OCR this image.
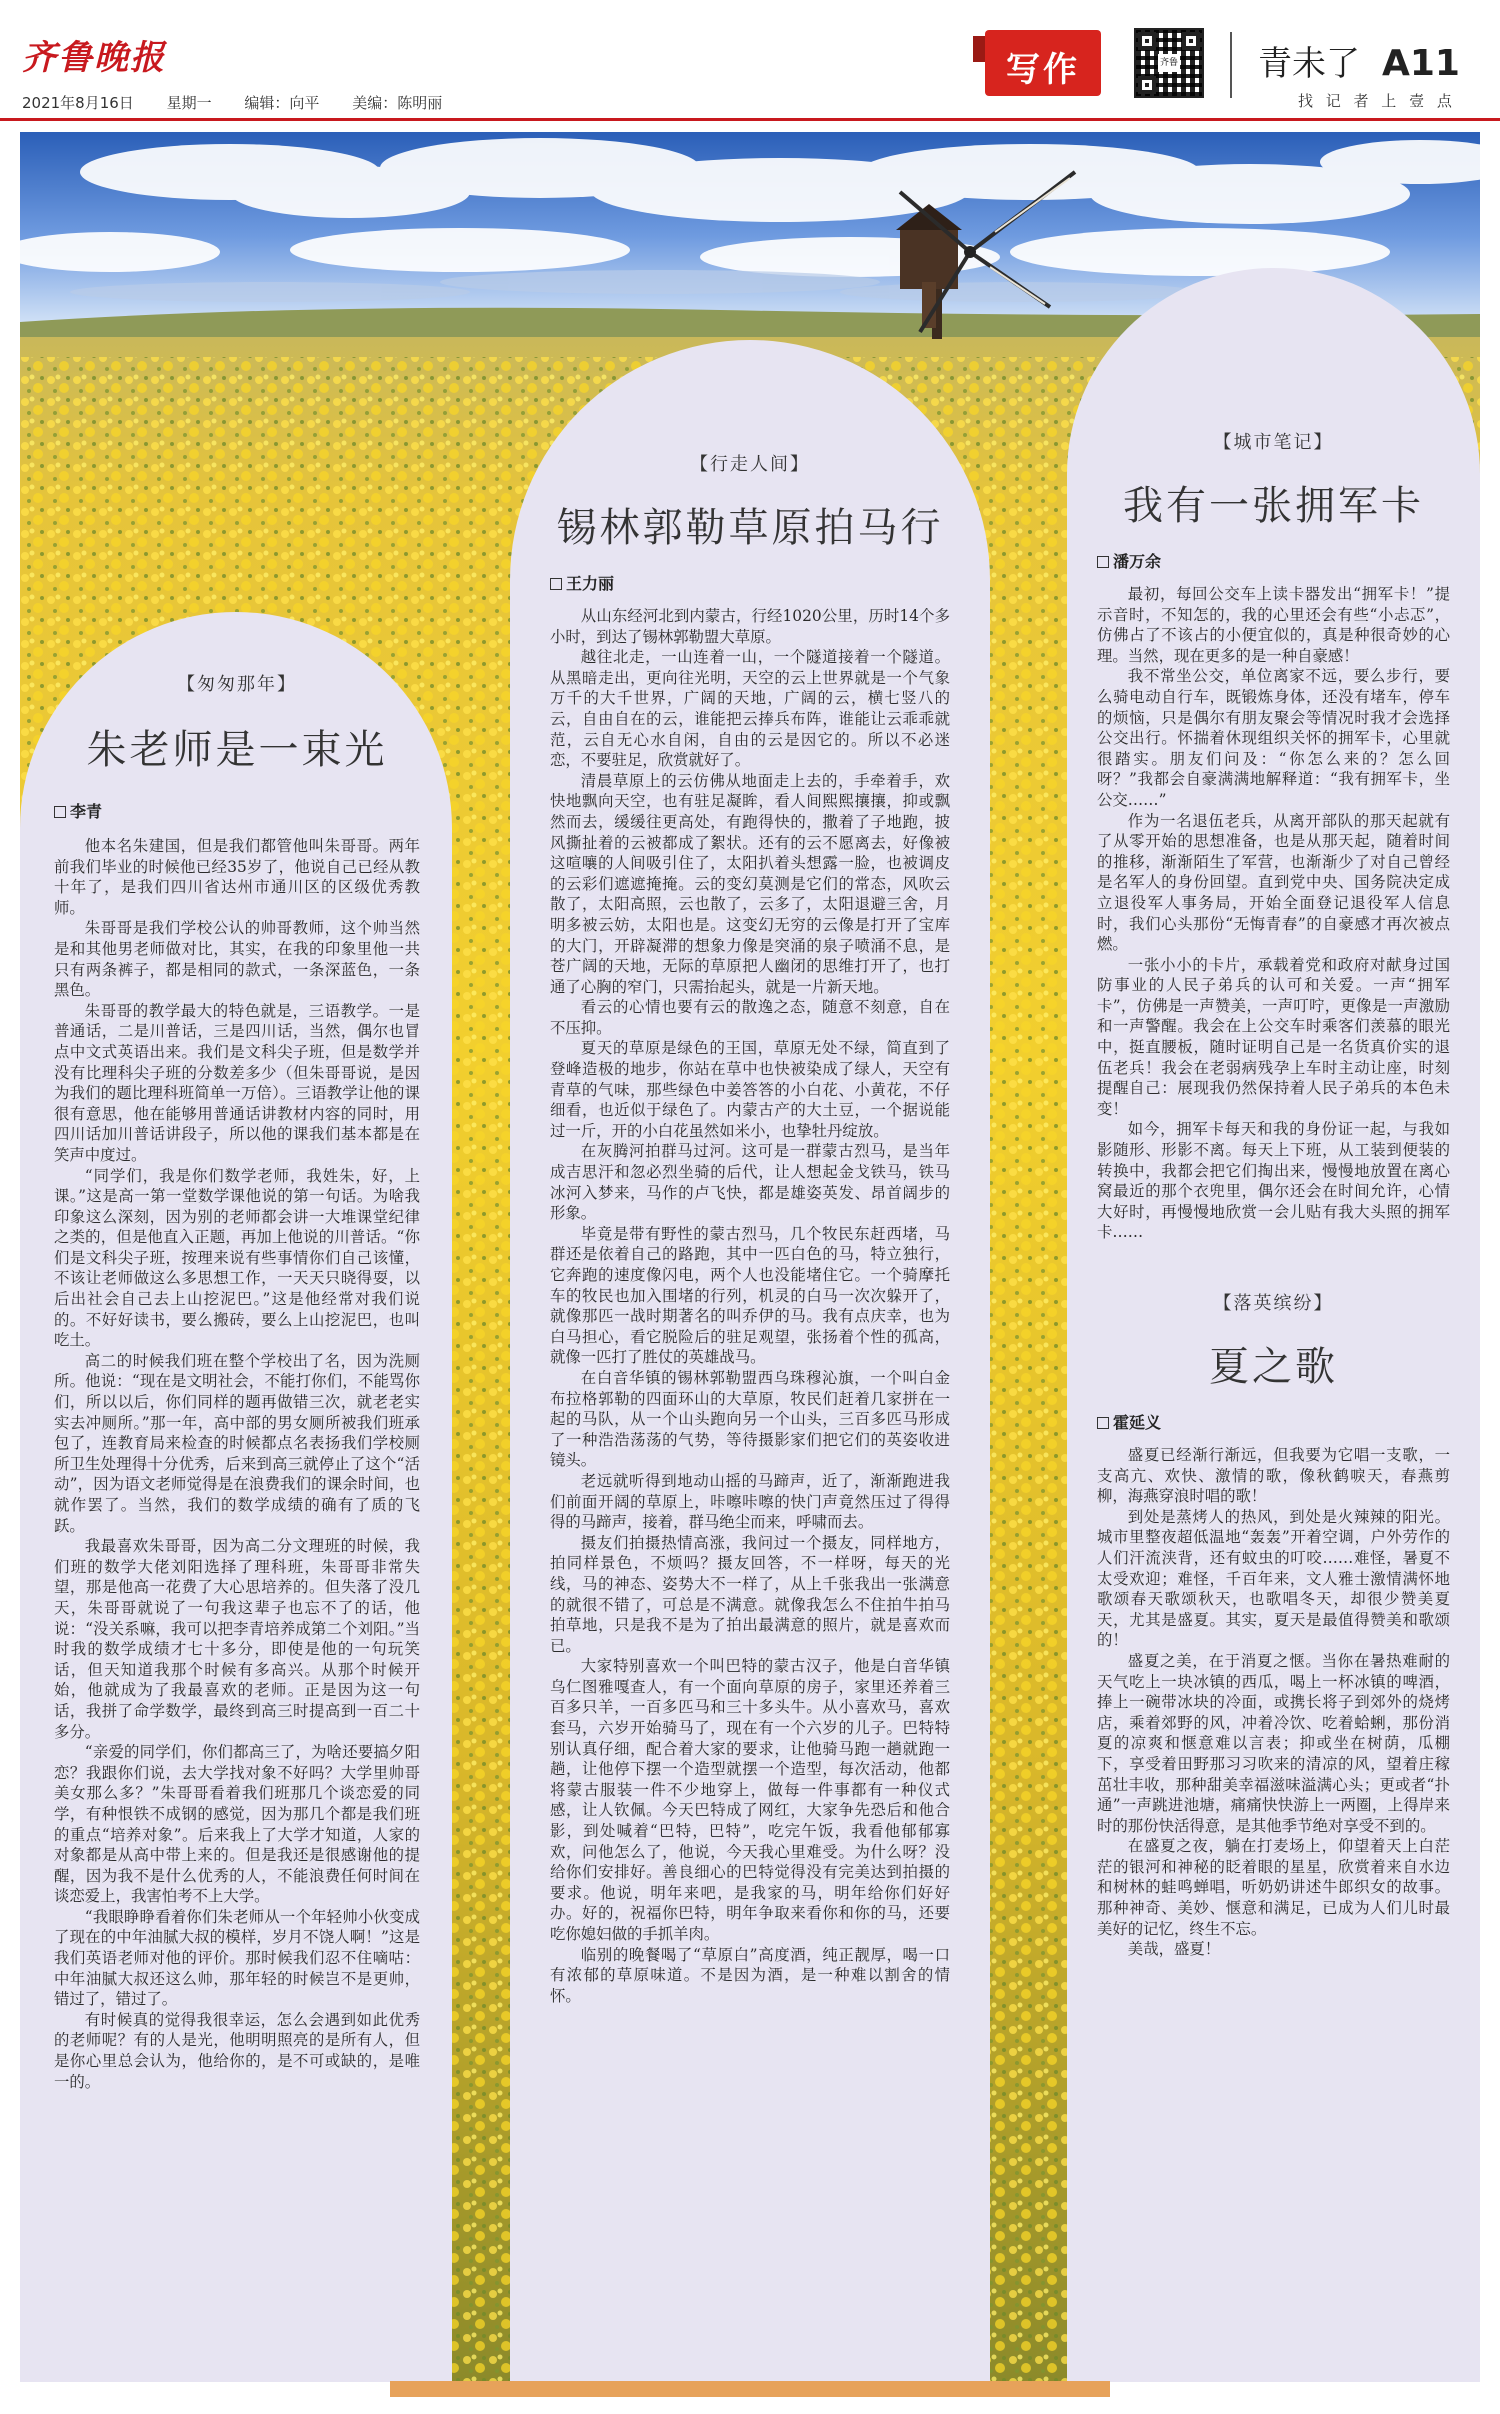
齐鲁晚报
2021年8月16日 星期一 编辑：向平 美编：陈明丽
写作	齐鲁 青未了 A11
找 记 者 上 壹 点
【匆匆那年】
朱老师是一束光
李青

他本名朱建国，但是我们都管他叫朱哥哥。两年前我们毕业的时候他已经35岁了，他说自己已经从教十年了，是我们四川省达州市通川区的区级优秀教师。

朱哥哥是我们学校公认的帅哥教师，这个帅当然是和其他男老师做对比，其实，在我的印象里他一共只有两条裤子，都是相同的款式，一条深蓝色，一条黑色。

朱哥哥的教学最大的特色就是，三语教学。一是普通话，二是川普话，三是四川话，当然，偶尔也冒点中文式英语出来。我们是文科尖子班，但是数学并没有比理科尖子班的分数差多少（但朱哥哥说，是因为我们的题比理科班简单一万倍）。三语教学让他的课很有意思，他在能够用普通话讲教材内容的同时，用四川话加川普话讲段子，所以他的课我们基本都是在笑声中度过。

“同学们，我是你们数学老师，我姓朱，好，上课。”这是高一第一堂数学课他说的第一句话。为啥我印象这么深刻，因为别的老师都会讲一大堆课堂纪律之类的，但是他直入正题，再加上他说的川普话。“你们是文科尖子班，按理来说有些事情你们自己该懂，不该让老师做这么多思想工作，一天天只晓得耍，以后出社会自己去上山挖泥巴。”这是他经常对我们说的。不好好读书，要么搬砖，要么上山挖泥巴，也叫吃土。

高二的时候我们班在整个学校出了名，因为洗厕所。他说：“现在是文明社会，不能打你们，不能骂你们，所以以后，你们同样的题再做错三次，就老老实实去冲厕所。”那一年，高中部的男女厕所被我们班承包了，连教育局来检查的时候都点名表扬我们学校厕所卫生处理得十分优秀，后来到高三就停止了这个“活动”，因为语文老师觉得是在浪费我们的课余时间，也就作罢了。当然，我们的数学成绩的确有了质的飞跃。

我最喜欢朱哥哥，因为高二分文理班的时候，我们班的数学大佬刘阳选择了理科班，朱哥哥非常失望，那是他高一花费了大心思培养的。但失落了没几天，朱哥哥就说了一句我这辈子也忘不了的话，他说：“没关系嘛，我可以把李青培养成第二个刘阳。”当时我的数学成绩才七十多分，即使是他的一句玩笑话，但天知道我那个时候有多高兴。从那个时候开始，他就成为了我最喜欢的老师。正是因为这一句话，我拼了命学数学，最终到高三时提高到一百二十多分。

“亲爱的同学们，你们都高三了，为啥还要搞夕阳恋？我跟你们说，去大学找对象不好吗？大学里帅哥美女那么多？”朱哥哥看着我们班那几个谈恋爱的同学，有种恨铁不成钢的感觉，因为那几个都是我们班的重点“培养对象”。后来我上了大学才知道，人家的对象都是从高中带上来的。但是我还是很感谢他的提醒，因为我不是什么优秀的人，不能浪费任何时间在谈恋爱上，我害怕考不上大学。

“我眼睁睁看着你们朱老师从一个年轻帅小伙变成了现在的中年油腻大叔的模样，岁月不饶人啊！”这是我们英语老师对他的评价。那时候我们忍不住嘀咕：中年油腻大叔还这么帅，那年轻的时候岂不是更帅，错过了，错过了。

有时候真的觉得我很幸运，怎么会遇到如此优秀的老师呢？有的人是光，他明明照亮的是所有人，但是你心里总会认为，他给你的，是不可或缺的，是唯一的。

【行走人间】
锡林郭勒草原拍马行
王力丽

从山东经河北到内蒙古，行经1020公里，历时14个多小时，到达了锡林郭勒盟大草原。

越往北走，一山连着一山，一个隧道接着一个隧道。从黑暗走出，更向往光明，天空的云上世界就是一个气象万千的大千世界，广阔的天地，广阔的云，横七竖八的云，自由自在的云，谁能把云捧兵布阵，谁能让云乖乖就范，云自无心水自闲，自由的云是因它的。所以不必迷恋，不要驻足，欣赏就好了。

清晨草原上的云仿佛从地面走上去的，手牵着手，欢快地飘向天空，也有驻足凝眸，看人间熙熙攘攘，抑或飘然而去，缓缓往更高处，有跑得快的，撒着了子地跑，披风撕扯着的云被都成了絮状。还有的云不愿离去，好像被这喧嚷的人间吸引住了，太阳扒着头想露一脸，也被调皮的云彩们遮遮掩掩。云的变幻莫测是它们的常态，风吹云散了，太阳高照，云也散了，云多了，太阳退避三舍，月明多被云妨，太阳也是。这变幻无穷的云像是打开了宝库的大门，开辟凝滞的想象力像是突涌的泉子喷涌不息，是苍广阔的天地，无际的草原把人幽闭的思维打开了，也打通了心胸的窄门，只需抬起头，就是一片新天地。

看云的心情也要有云的散逸之态，随意不刻意，自在不压抑。

夏天的草原是绿色的王国，草原无处不绿，简直到了登峰造极的地步，你站在草中也快被染成了绿人，天空有青草的气味，那些绿色中姜答答的小白花、小黄花，不仔细看，也近似于绿色了。内蒙古产的大土豆，一个据说能过一斤，开的小白花虽然如米小，也挚牡丹绽放。

在灰腾河拍群马过河。这可是一群蒙古烈马，是当年成吉思汗和忽必烈坐骑的后代，让人想起金戈铁马，铁马冰河入梦来，马作的卢飞快，都是雄姿英发、昂首阔步的形象。

毕竟是带有野性的蒙古烈马，几个牧民东赶西堵，马群还是依着自己的路跑，其中一匹白色的马，特立独行，它奔跑的速度像闪电，两个人也没能堵住它。一个骑摩托车的牧民也加入围堵的行列，机灵的白马一次次躲开了，就像那匹一战时期著名的叫乔伊的马。我有点庆幸，也为白马担心，看它脱险后的驻足观望，张扬着个性的孤高，就像一匹打了胜仗的英雄战马。

在白音华镇的锡林郭勒盟西乌珠穆沁旗，一个叫白金布拉格郭勒的四面环山的大草原，牧民们赶着几家拼在一起的马队，从一个山头跑向另一个山头，三百多匹马形成了一种浩浩荡荡的气势，等待摄影家们把它们的英姿收进镜头。

老远就听得到地动山摇的马蹄声，近了，渐渐跑进我们前面开阔的草原上，咔嚓咔嚓的快门声竟然压过了得得得的马蹄声，接着，群马绝尘而来，呼啸而去。

摄友们拍摄热情高涨，我问过一个摄友，同样地方，拍同样景色，不烦吗？摄友回答，不一样呀，每天的光线，马的神态、姿势大不一样了，从上千张我出一张满意的就很不错了，可总是不满意。就像我怎么不住拍牛拍马拍草地，只是我不是为了拍出最满意的照片，就是喜欢而已。

大家特别喜欢一个叫巴特的蒙古汉子，他是白音华镇乌仁图雅嘎查人，有一个面向草原的房子，家里还养着三百多只羊，一百多匹马和三十多头牛。从小喜欢马，喜欢套马，六岁开始骑马了，现在有一个六岁的儿子。巴特特别认真仔细，配合着大家的要求，让他骑马跑一趟就跑一趟，让他停下摆一个造型就摆一个造型，每次活动，他都将蒙古服装一件不少地穿上，做每一件事都有一种仪式感，让人钦佩。今天巴特成了网红，大家争先恐后和他合影，到处喊着“巴特，巴特”，吃完午饭，我看他郁郁寡欢，问他怎么了，他说，今天我心里难受。为什么呀？没给你们安排好。善良细心的巴特觉得没有完美达到拍摄的要求。他说，明年来吧，是我家的马，明年给你们好好办。好的，祝福你巴特，明年争取来看你和你的马，还要吃你媳妇做的手抓羊肉。

临别的晚餐喝了“草原白”高度酒，纯正靓厚，喝一口有浓郁的草原味道。不是因为酒，是一种难以割舍的情怀。

【城市笔记】
我有一张拥军卡
潘万余

最初，每回公交车上读卡器发出“拥军卡！”提示音时，不知怎的，我的心里还会有些“小忐忑”，仿佛占了不该占的小便宜似的，真是种很奇妙的心理。当然，现在更多的是一种自豪感！

我不常坐公交，单位离家不远，要么步行，要么骑电动自行车，既锻炼身体，还没有堵车，停车的烦恼，只是偶尔有朋友聚会等情况时我才会选择公交出行。怀揣着休现组织关怀的拥军卡，心里就很踏实。朋友们问及：“你怎么来的？怎么回呀？”我都会自豪满满地解释道：“我有拥军卡，坐公交……”

作为一名退伍老兵，从离开部队的那天起就有了从零开始的思想准备，也是从那天起，随着时间的推移，渐渐陌生了军营，也渐渐少了对自己曾经是名军人的身份回望。直到党中央、国务院决定成立退役军人事务局，开始全面登记退役军人信息时，我们心头那份“无悔青春”的自豪感才再次被点燃。

一张小小的卡片，承载着党和政府对献身过国防事业的人民子弟兵的认可和关爱。一声“拥军卡”，仿佛是一声赞美，一声叮咛，更像是一声激励和一声警醒。我会在上公交车时乘客们羡慕的眼光中，挺直腰板，随时证明自己是一名货真价实的退伍老兵！我会在老弱病残孕上车时主动让座，时刻提醒自己：展现我仍然保持着人民子弟兵的本色未变！

如今，拥军卡每天和我的身份证一起，与我如影随形、形影不离。每天上下班，从工装到便装的转换中，我都会把它们掏出来，慢慢地放置在离心窝最近的那个衣兜里，偶尔还会在时间允许，心情大好时，再慢慢地欣赏一会儿贴有我大头照的拥军卡……

【落英缤纷】
夏之歌
霍延义

盛夏已经渐行渐远，但我要为它唱一支歌，一支高亢、欢快、激情的歌，像秋鹤唳天，春燕剪柳，海燕穿浪时唱的歌！

到处是蒸烤人的热风，到处是火辣辣的阳光。城市里整夜超低温地“轰轰”开着空调，户外劳作的人们汗流浃背，还有蚊虫的叮咬……难怪，暑夏不太受欢迎；难怪，千百年来，文人雅士激情满怀地歌颂春天歌颂秋天，也歌唱冬天，却很少赞美夏天，尤其是盛夏。其实，夏天是最值得赞美和歌颂的！

盛夏之美，在于消夏之惬。当你在暑热难耐的天气吃上一块冰镇的西瓜，喝上一杯冰镇的啤酒，捧上一碗带冰块的冷面，或携长将子到郊外的烧烤店，乘着郊野的风，冲着冷饮、吃着蛤蜊，那份消夏的凉爽和惬意难以言表；抑或坐在树荫，瓜棚下，享受着田野那习习吹来的清凉的风，望着庄稼茁壮丰收，那种甜美幸福滋味溢满心头；更或者“扑通”一声跳进池塘，痛痛快快游上一两圈，上得岸来时的那份快活得意，是其他季节绝对享受不到的。

在盛夏之夜，躺在打麦场上，仰望着天上白茫茫的银河和神秘的眨着眼的星星，欣赏着来自水边和树林的蛙鸣蝉唱，听奶奶讲述牛郎织女的故事。那种神奇、美妙、惬意和满足，已成为人们儿时最美好的记忆，终生不忘。

美哉，盛夏！
